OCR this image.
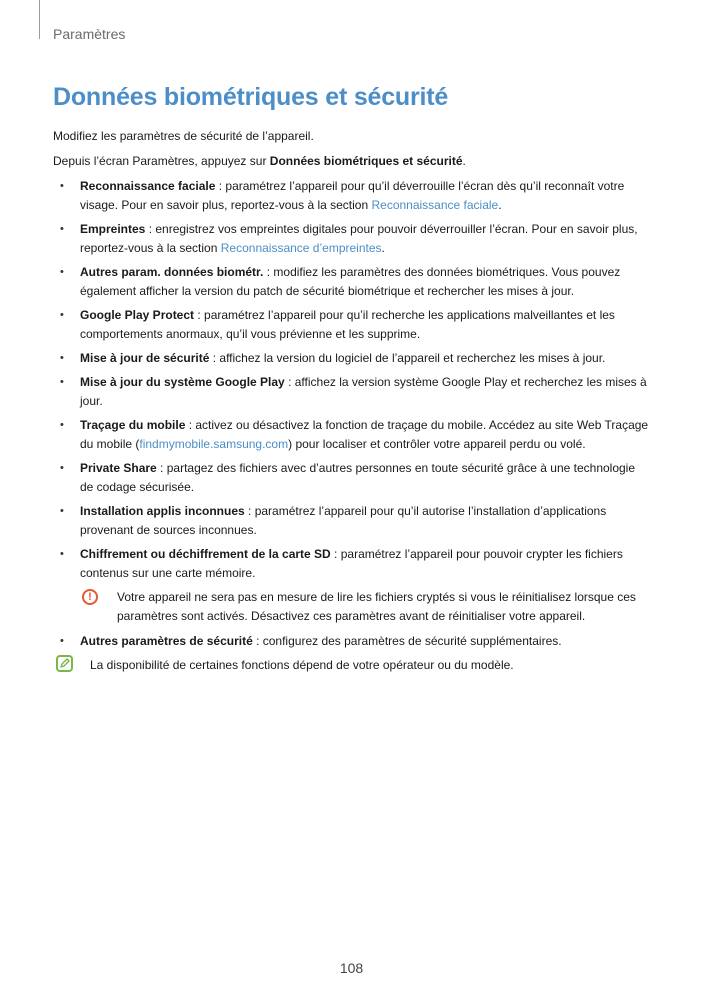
Paramètres
Données biométriques et sécurité

Modifiez les paramètres de sécurité de l’appareil.

Depuis l’écran Paramètres, appuyez sur Données biométriques et sécurité.

• Reconnaissance faciale : paramétrez l’appareil pour qu’il déverrouille l’écran dès qu’il reconnaît votre visage. Pour en savoir plus, reportez-vous à la section Reconnaissance faciale.
• Empreintes : enregistrez vos empreintes digitales pour pouvoir déverrouiller l’écran. Pour en savoir plus, reportez-vous à la section Reconnaissance d’empreintes.
• Autres param. données biométr. : modifiez les paramètres des données biométriques. Vous pouvez également afficher la version du patch de sécurité biométrique et rechercher les mises à jour.
• Google Play Protect : paramétrez l’appareil pour qu’il recherche les applications malveillantes et les comportements anormaux, qu’il vous prévienne et les supprime.
• Mise à jour de sécurité : affichez la version du logiciel de l’appareil et recherchez les mises à jour.
• Mise à jour du système Google Play : affichez la version système Google Play et recherchez les mises à jour.
• Traçage du mobile : activez ou désactivez la fonction de traçage du mobile. Accédez au site Web Traçage du mobile (findmymobile.samsung.com) pour localiser et contrôler votre appareil perdu ou volé.
• Private Share : partagez des fichiers avec d’autres personnes en toute sécurité grâce à une technologie de codage sécurisée.
• Installation applis inconnues : paramétrez l’appareil pour qu’il autorise l’installation d’applications provenant de sources inconnues.
• Chiffrement ou déchiffrement de la carte SD : paramétrez l’appareil pour pouvoir crypter les fichiers contenus sur une carte mémoire.
!	Votre appareil ne sera pas en mesure de lire les fichiers cryptés si vous le réinitialisez lorsque ces paramètres sont activés. Désactivez ces paramètres avant de réinitialiser votre appareil.
• Autres paramètres de sécurité : configurez des paramètres de sécurité supplémentaires.
La disponibilité de certaines fonctions dépend de votre opérateur ou du modèle.
108
